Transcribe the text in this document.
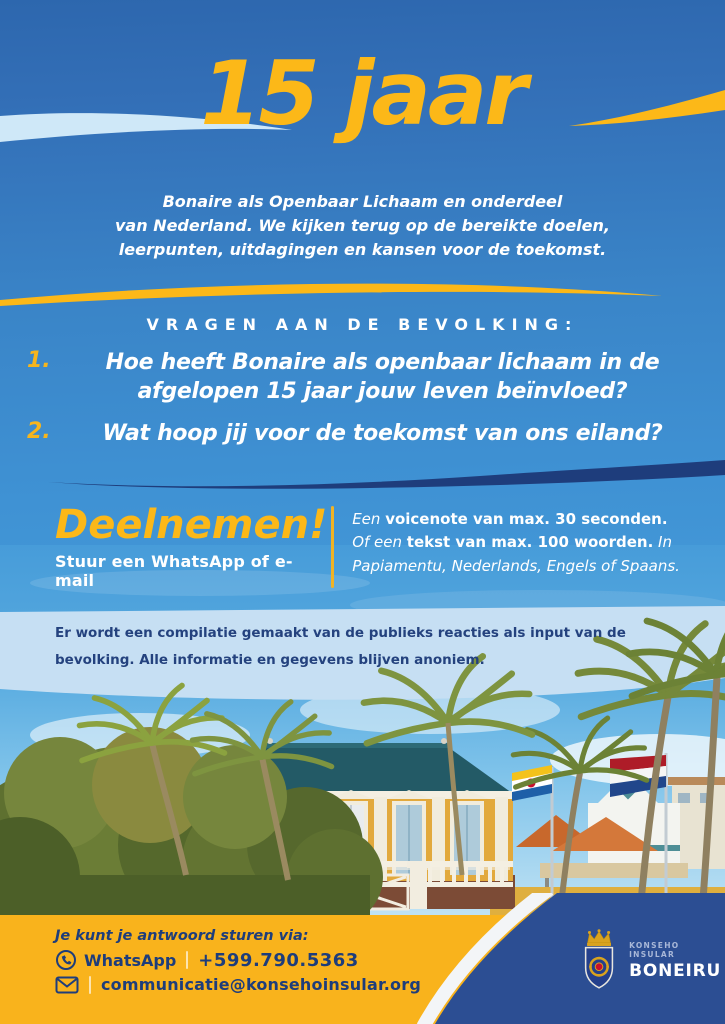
15 jaar
Bonaire als Openbaar Lichaam en onderdeel
van Nederland. We kijken terug op de bereikte doelen,
leerpunten, uitdagingen en kansen voor de toekomst.
VRAGEN AAN DE BEVOLKING:
1.	Hoe heeft Bonaire als openbaar lichaam in de
afgelopen 15 jaar jouw leven beïnvloed?
2.	Wat hoop jij voor de toekomst van ons eiland?
Deelnemen!
Stuur een WhatsApp of e-mail
Een voicenote van max. 30 seconden.
Of een tekst van max. 100 woorden. In Papiamentu, Nederlands, Engels of Spaans.
Er wordt een compilatie gemaakt van de publieks reacties als input van de
bevolking. Alle informatie en gegevens blijven anoniem.
Je kunt je antwoord sturen via:
WhatsApp +599.790.5363
communicatie@konsehoinsular.org
KONSEHO INSULAR
BONEIRU
